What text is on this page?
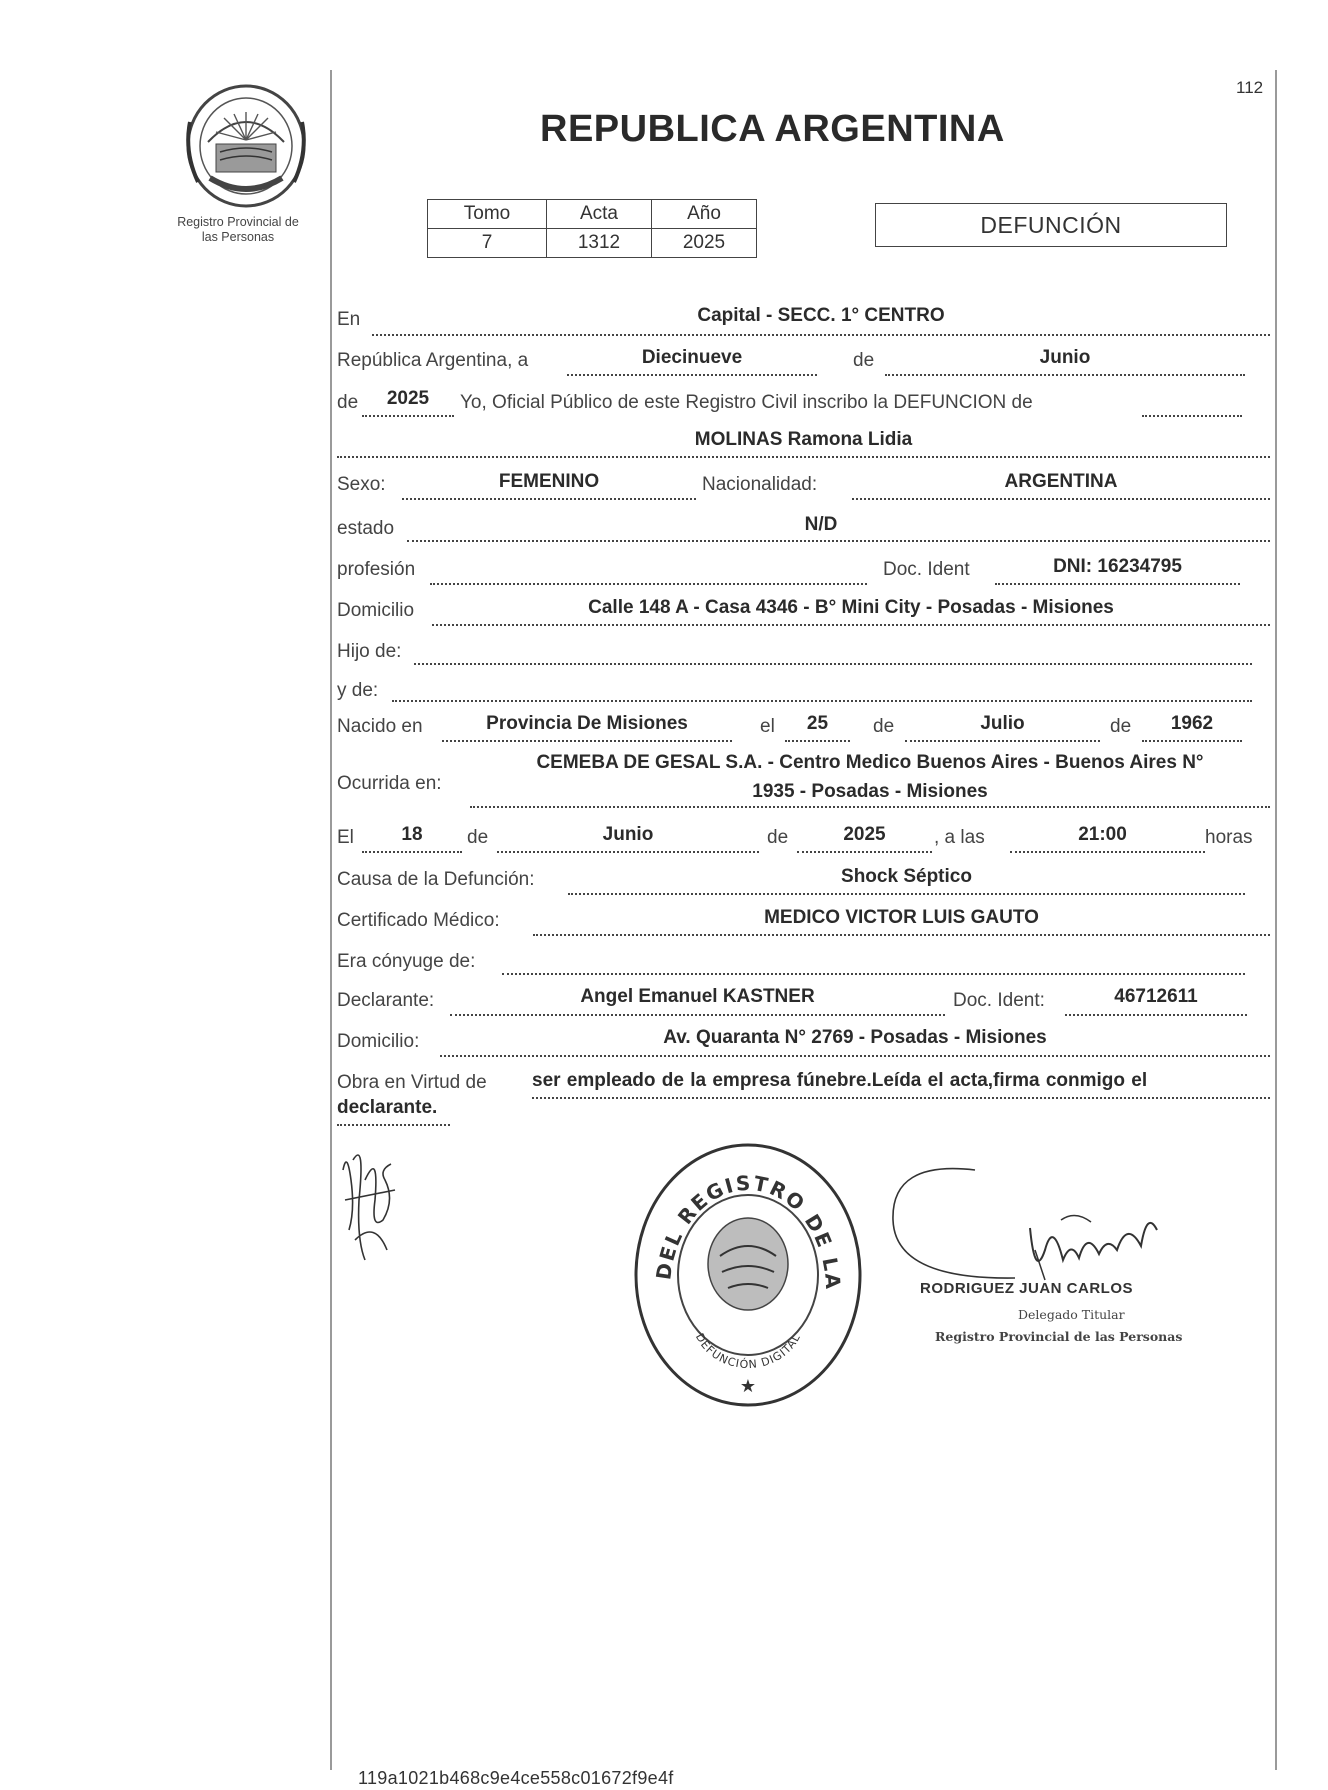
Registro Provincial de
las Personas
112
REPUBLICA ARGENTINA
Tomo	Acta	Año
7	1312	2025
DEFUNCIÓN
En	Capital - SECC. 1° CENTRO
República Argentina, a	Diecinueve	de	Junio
de	2025	Yo, Oficial Público de este Registro Civil inscribo la DEFUNCION de
MOLINAS Ramona Lidia
Sexo:	FEMENINO	Nacionalidad:	ARGENTINA
estado	N/D
profesión	Doc. Ident	DNI: 16234795
Domicilio	Calle 148 A - Casa 4346 - B° Mini City - Posadas - Misiones
Hijo de:
y de:
Nacido en	Provincia De Misiones	el	25	de	Julio	de	1962
Ocurrida en:
CEMEBA DE GESAL S.A. - Centro Medico Buenos Aires - Buenos Aires N°
1935 - Posadas - Misiones
El	18	de	Junio	de	2025	, a las	21:00	horas
Causa de la Defunción:	Shock Séptico
Certificado Médico:	MEDICO VICTOR LUIS GAUTO
Era cónyuge de:
Declarante:	Angel Emanuel KASTNER	Doc. Ident:	46712611
Domicilio:	Av. Quaranta N° 2769 - Posadas - Misiones
Obra en Virtud de ser empleado de la empresa fúnebre.Leída el acta,firma conmigo el
declarante.
DEL REGISTRO DE LA
DEFUNCIÓN DIGITAL
★
RODRIGUEZ JUAN CARLOS
Delegado Titular
Registro Provincial de las Personas
119a1021b468c9e4ce558c01672f9e4f
